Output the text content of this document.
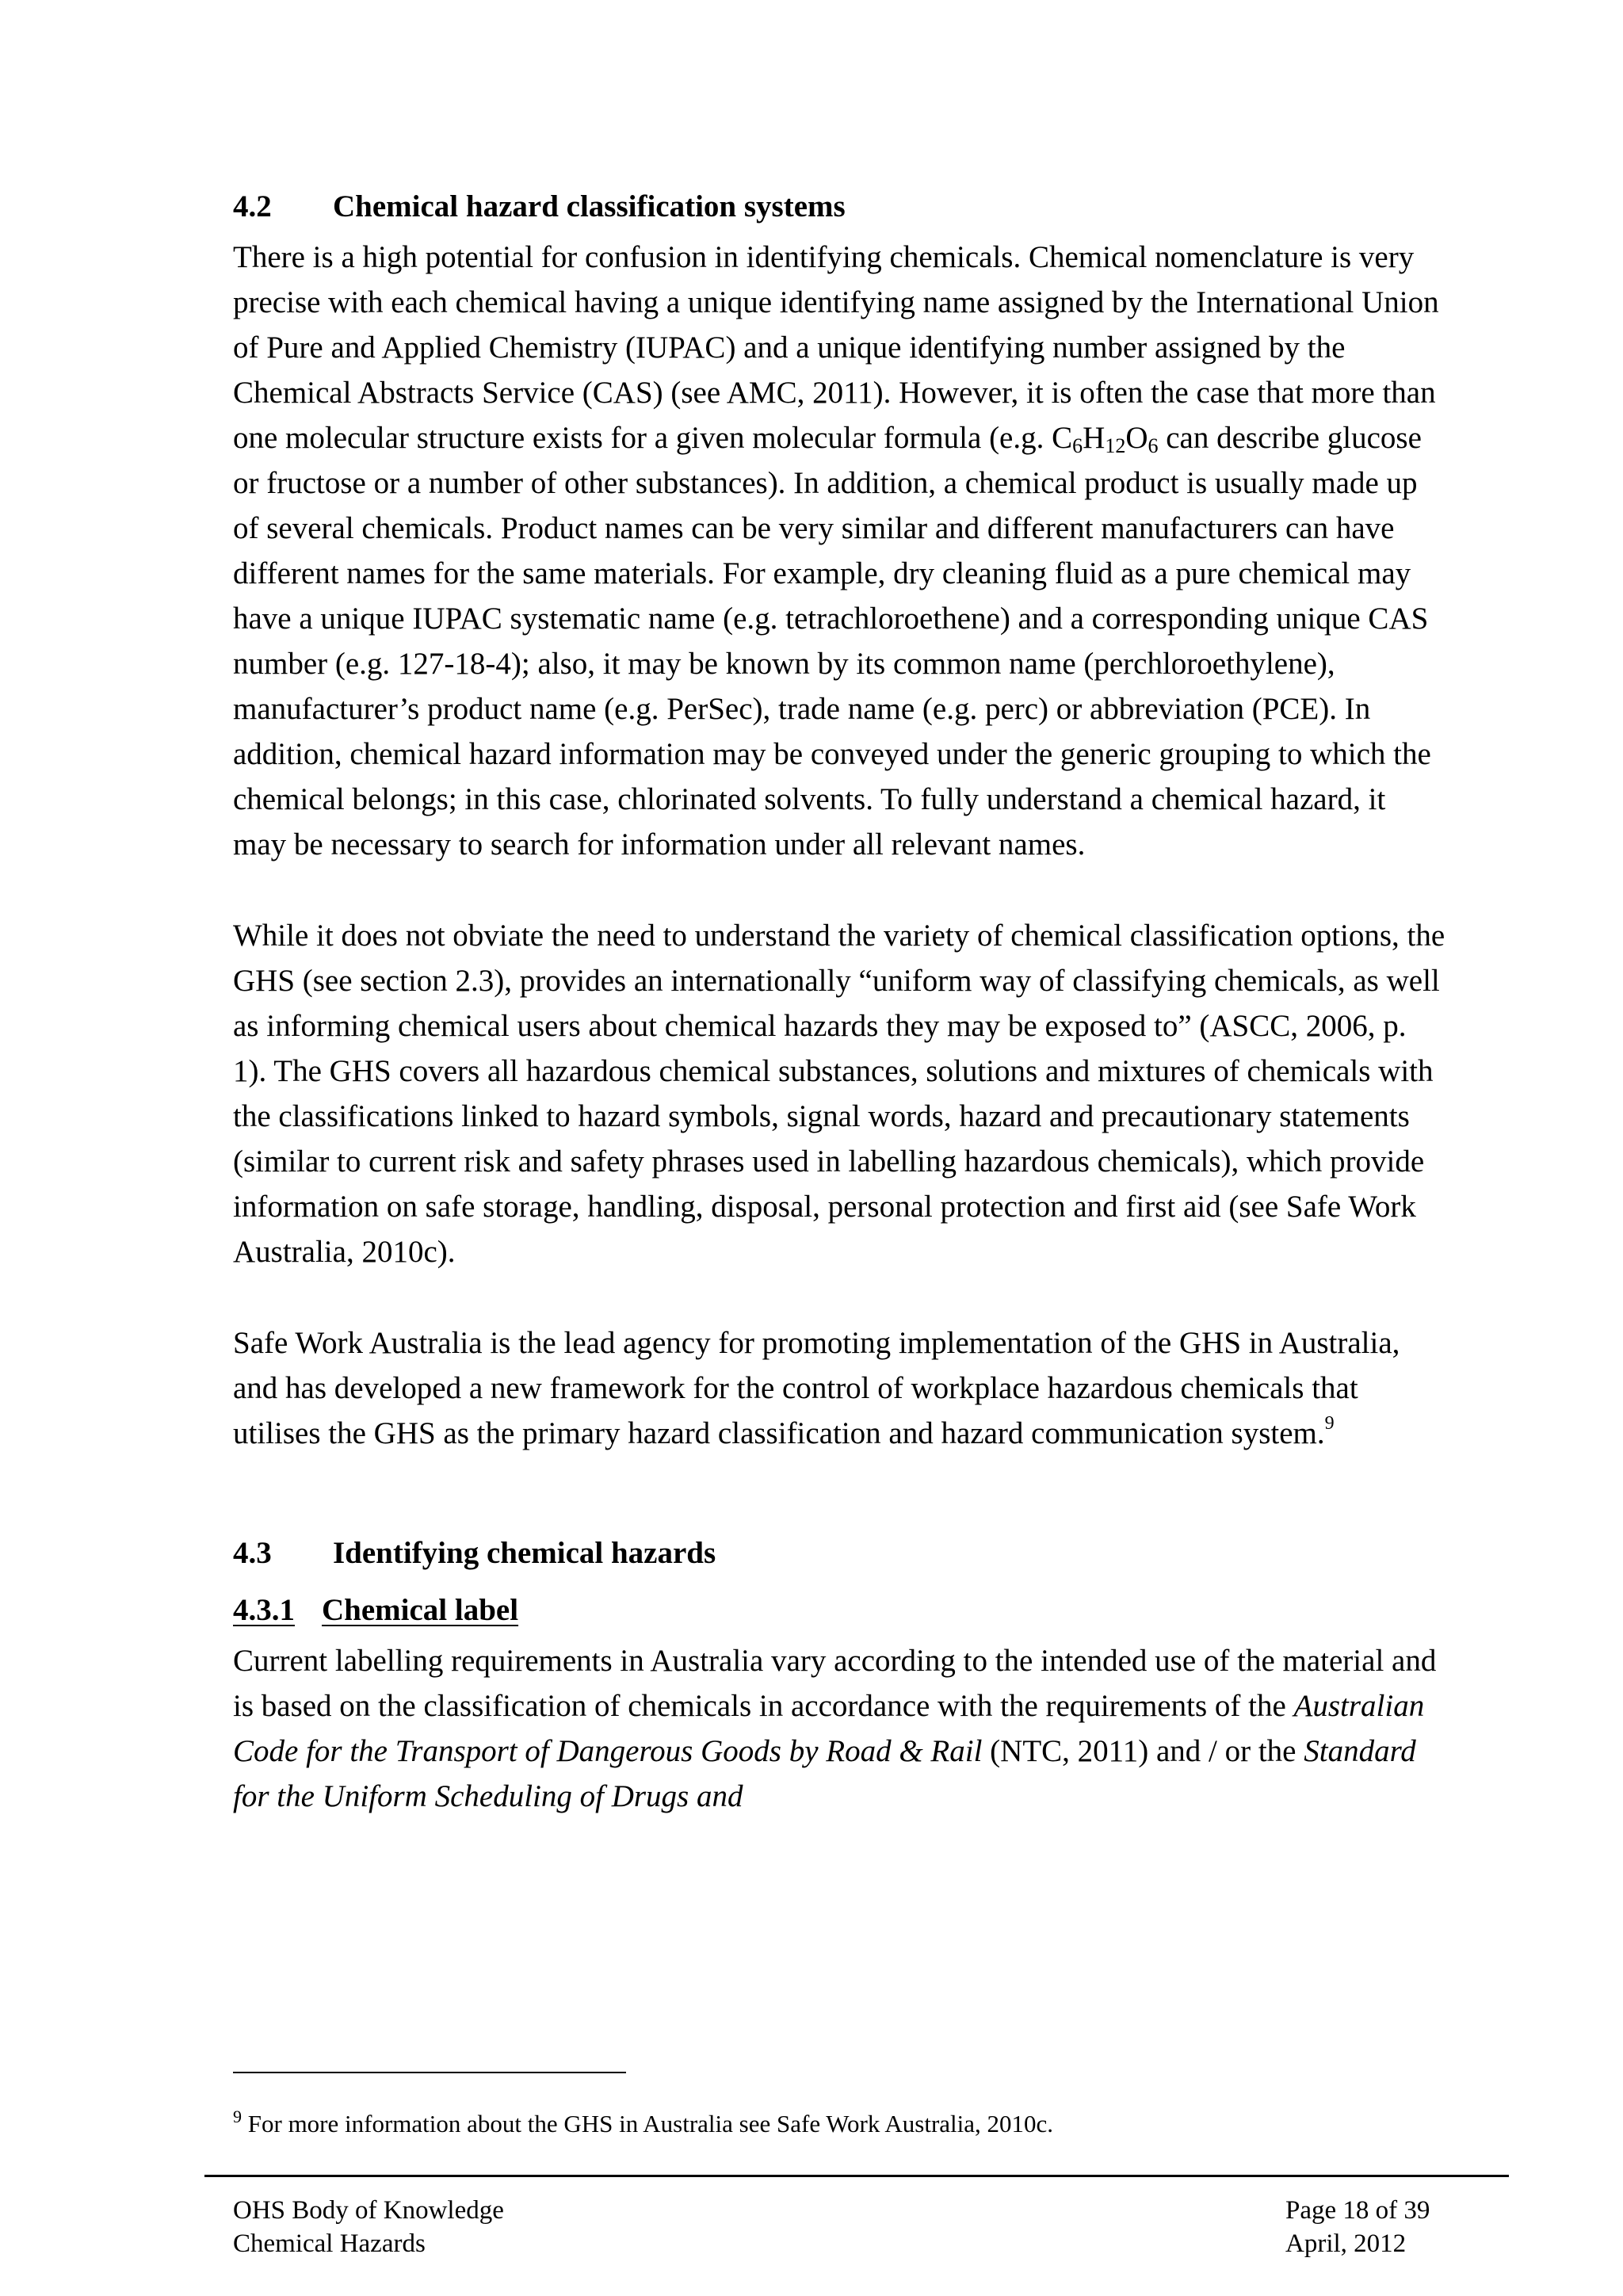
4.2 Chemical hazard classification systems

There is a high potential for confusion in identifying chemicals. Chemical nomenclature is very precise with each chemical having a unique identifying name assigned by the International Union of Pure and Applied Chemistry (IUPAC) and a unique identifying number assigned by the Chemical Abstracts Service (CAS) (see AMC, 2011). However, it is often the case that more than one molecular structure exists for a given molecular formula (e.g. $C_6H_{12}O_6$ can describe glucose or fructose or a number of other substances). In addition, a chemical product is usually made up of several chemicals. Product names can be very similar and different manufacturers can have different names for the same materials. For example, dry cleaning fluid as a pure chemical may have a unique IUPAC systematic name (e.g. tetrachloroethene) and a corresponding unique CAS number (e.g. 127-18-4); also, it may be known by its common name (perchloroethylene), manufacturer’s product name (e.g. PerSec), trade name (e.g. perc) or abbreviation (PCE). In addition, chemical hazard information may be conveyed under the generic grouping to which the chemical belongs; in this case, chlorinated solvents. To fully understand a chemical hazard, it may be necessary to search for information under all relevant names.

While it does not obviate the need to understand the variety of chemical classification options, the GHS (see section 2.3), provides an internationally “uniform way of classifying chemicals, as well as informing chemical users about chemical hazards they may be exposed to” (ASCC, 2006, p. 1). The GHS covers all hazardous chemical substances, solutions and mixtures of chemicals with the classifications linked to hazard symbols, signal words, hazard and precautionary statements (similar to current risk and safety phrases used in labelling hazardous chemicals), which provide information on safe storage, handling, disposal, personal protection and first aid (see Safe Work Australia, 2010c).

Safe Work Australia is the lead agency for promoting implementation of the GHS in Australia, and has developed a new framework for the control of workplace hazardous chemicals that utilises the GHS as the primary hazard classification and hazard communication system.$^9$

4.3 Identifying chemical hazards
4.3.1 Chemical label

Current labelling requirements in Australia vary according to the intended use of the material and is based on the classification of chemicals in accordance with the requirements of the Australian Code for the Transport of Dangerous Goods by Road & Rail (NTC, 2011) and / or the Standard for the Uniform Scheduling of Drugs and

$^9$ For more information about the GHS in Australia see Safe Work Australia, 2010c.
OHS Body of Knowledge
Chemical Hazards
Page 18 of 39
April, 2012
